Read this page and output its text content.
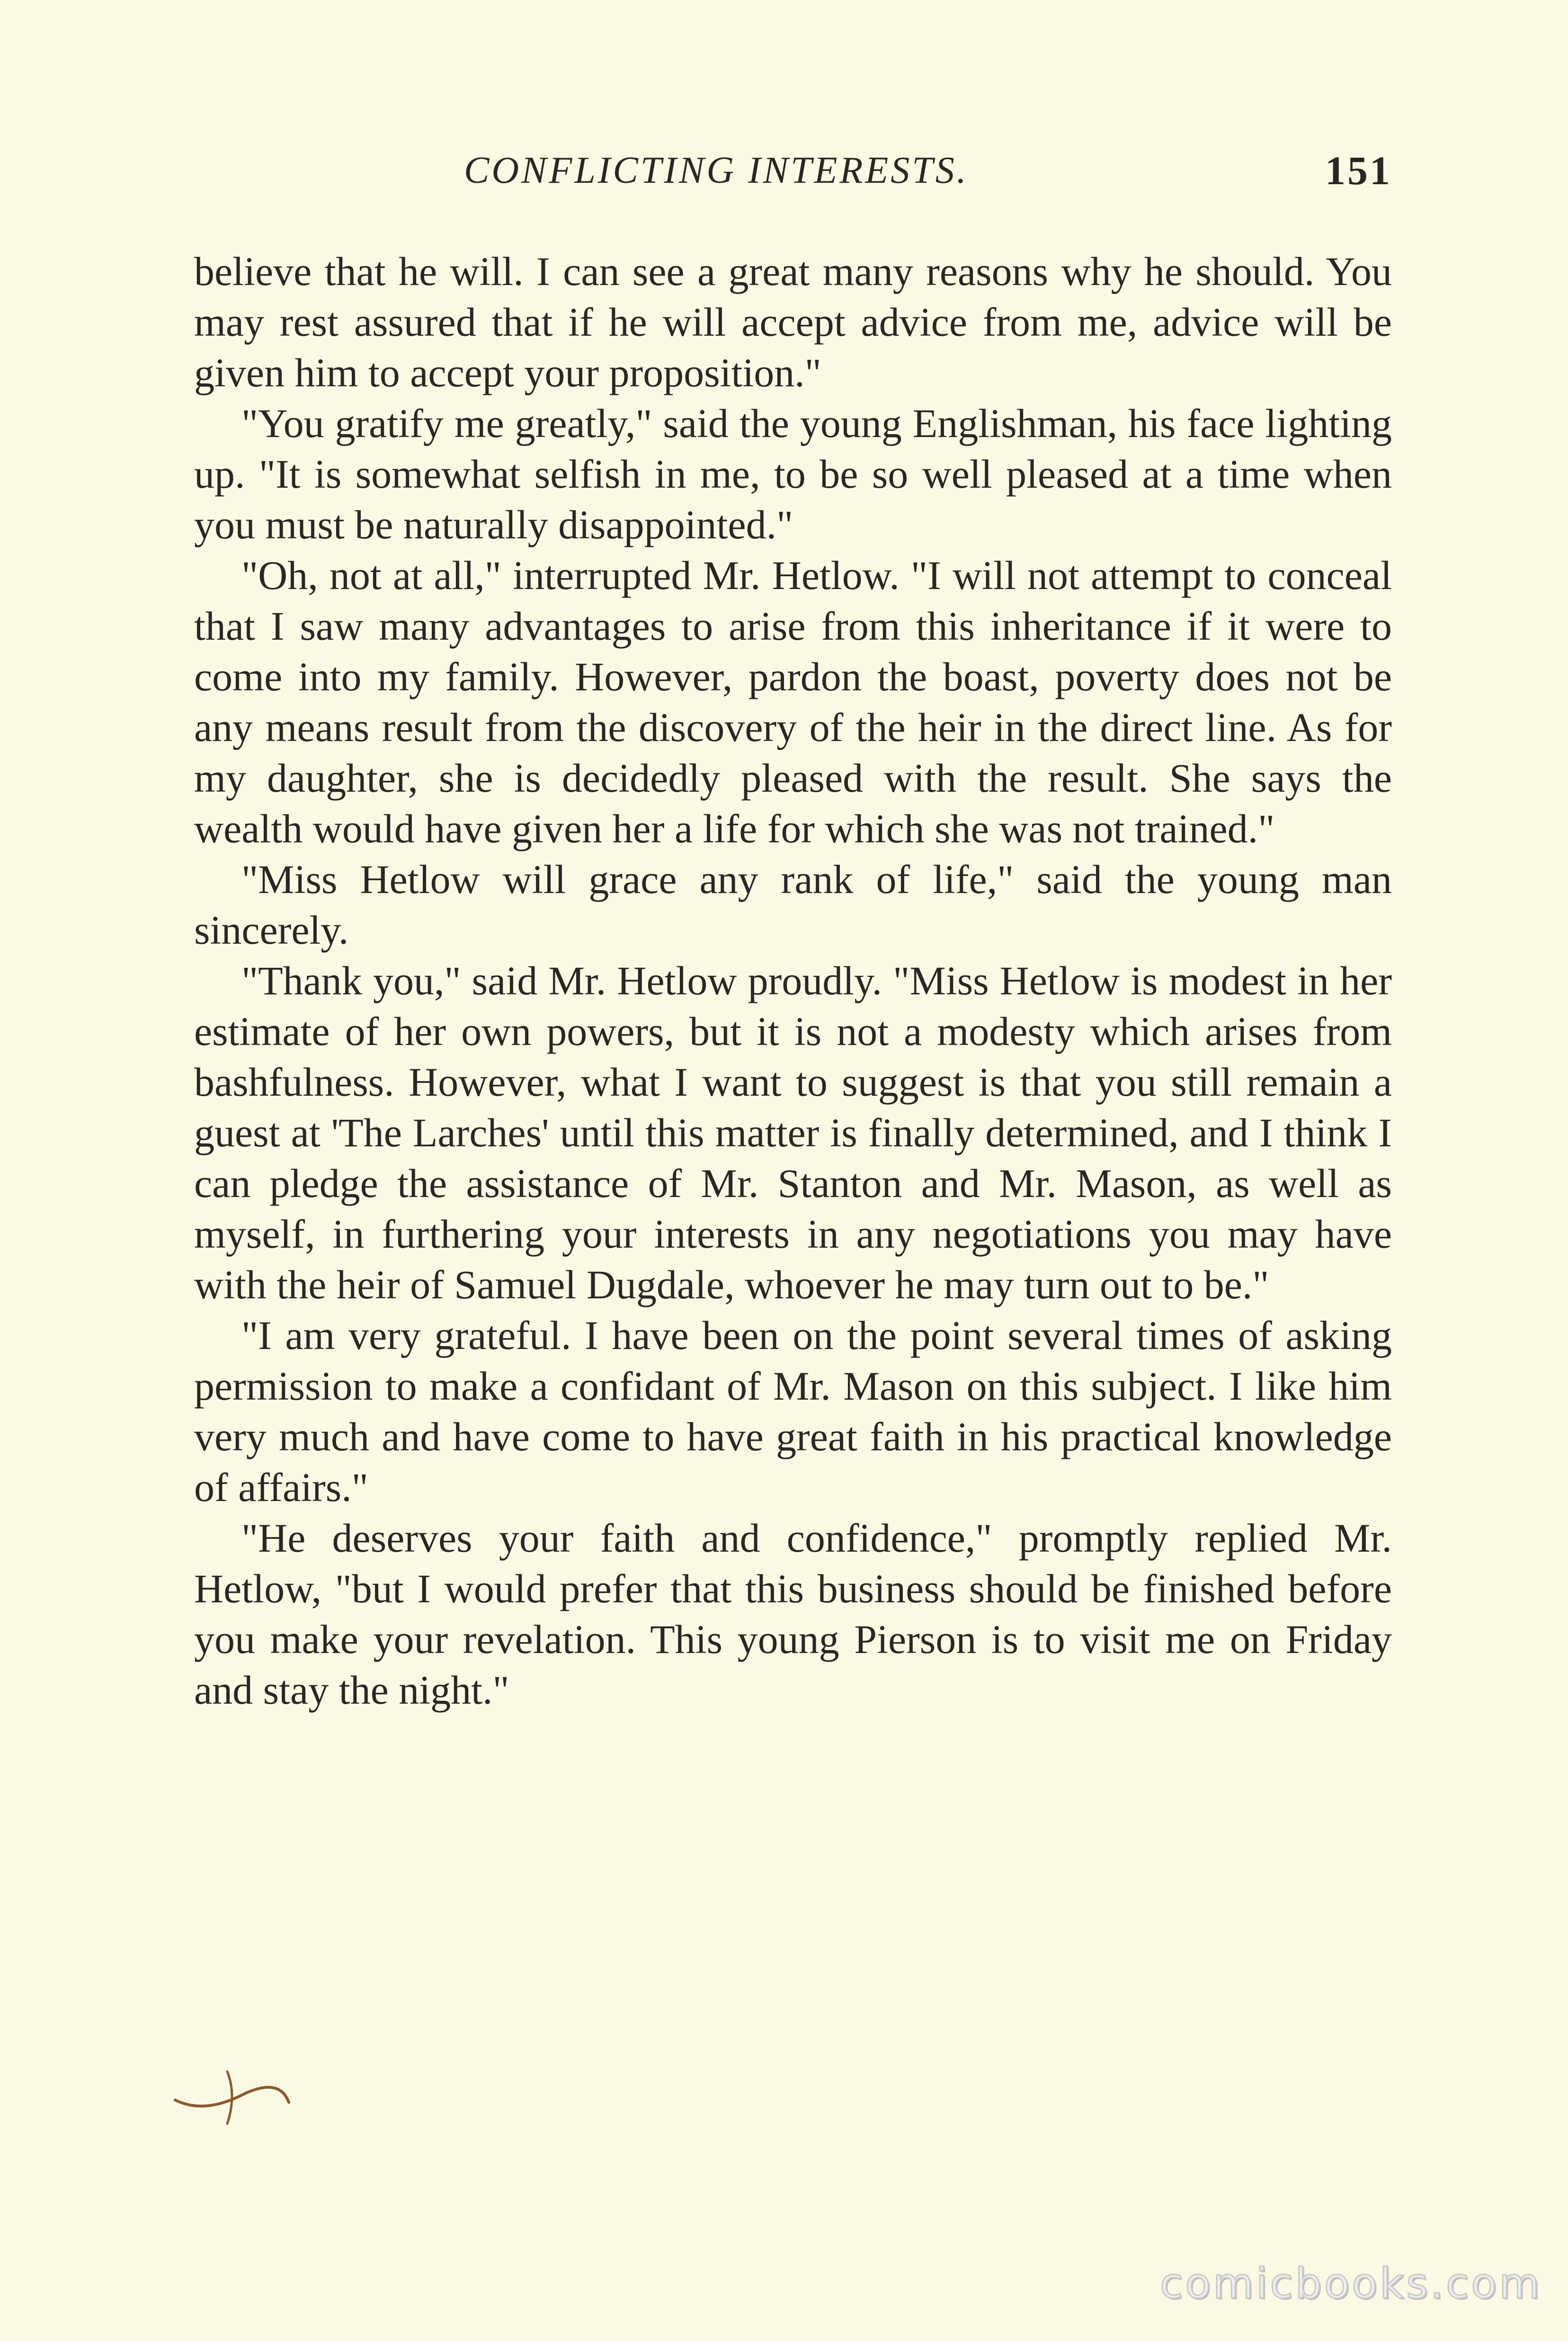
CONFLICTING INTERESTS.	151

believe that he will. I can see a great many reasons why he should. You may rest assured that if he will accept advice from me, advice will be given him to accept your proposition."

"You gratify me greatly," said the young Englishman, his face lighting up. "It is somewhat selfish in me, to be so well pleased at a time when you must be naturally disappointed."

"Oh, not at all," interrupted Mr. Hetlow. "I will not attempt to conceal that I saw many advantages to arise from this inheritance if it were to come into my family. However, pardon the boast, poverty does not be any means result from the discovery of the heir in the direct line. As for my daughter, she is decidedly pleased with the result. She says the wealth would have given her a life for which she was not trained."

"Miss Hetlow will grace any rank of life," said the young man sincerely.

"Thank you," said Mr. Hetlow proudly. "Miss Hetlow is modest in her estimate of her own powers, but it is not a modesty which arises from bashfulness. However, what I want to suggest is that you still remain a guest at 'The Larches' until this matter is finally determined, and I think I can pledge the assistance of Mr. Stanton and Mr. Mason, as well as myself, in furthering your interests in any negotiations you may have with the heir of Samuel Dugdale, whoever he may turn out to be."

"I am very grateful. I have been on the point several times of asking permission to make a confidant of Mr. Mason on this subject. I like him very much and have come to have great faith in his practical knowledge of affairs."

"He deserves your faith and confidence," promptly replied Mr. Hetlow, "but I would prefer that this business should be finished before you make your revelation. This young Pierson is to visit me on Friday and stay the night."

comicbooks.com
